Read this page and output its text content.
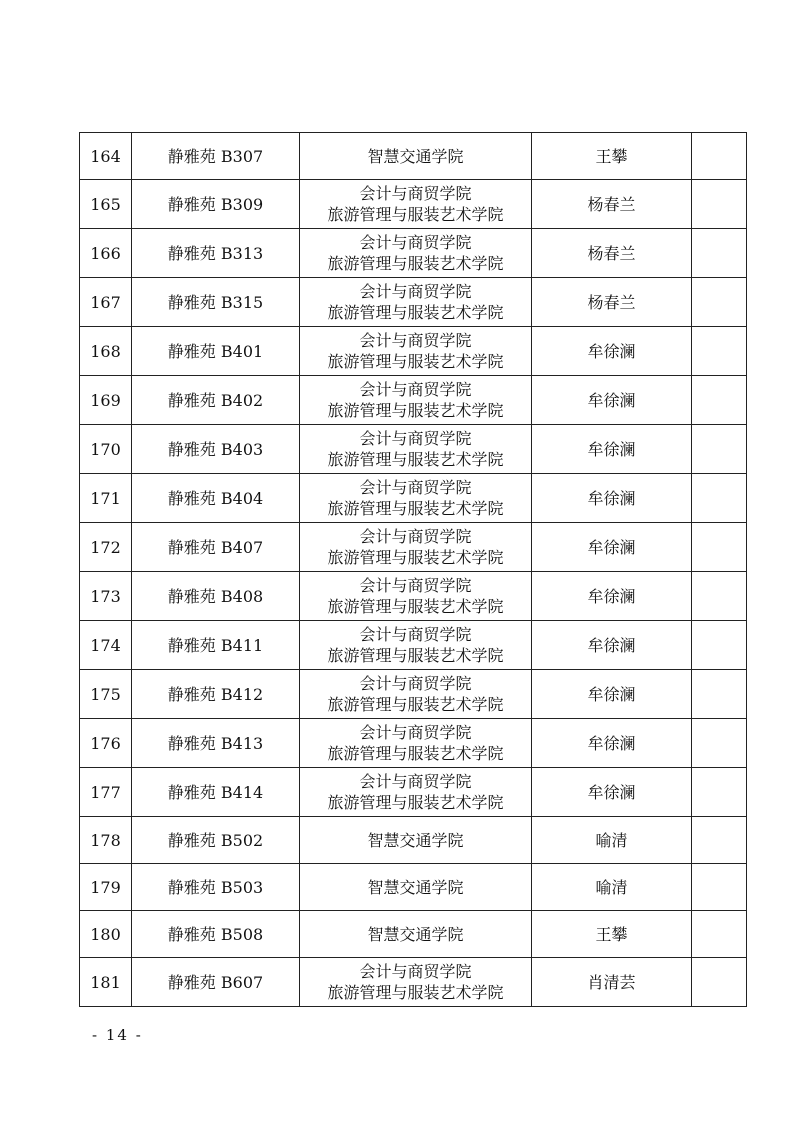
164	静雅苑 B307	智慧交通学院	王攀	
165	静雅苑 B309	会计与商贸学院
旅游管理与服装艺术学院	杨春兰	
166	静雅苑 B313	会计与商贸学院
旅游管理与服装艺术学院	杨春兰	
167	静雅苑 B315	会计与商贸学院
旅游管理与服装艺术学院	杨春兰	
168	静雅苑 B401	会计与商贸学院
旅游管理与服装艺术学院	牟徐澜	
169	静雅苑 B402	会计与商贸学院
旅游管理与服装艺术学院	牟徐澜	
170	静雅苑 B403	会计与商贸学院
旅游管理与服装艺术学院	牟徐澜	
171	静雅苑 B404	会计与商贸学院
旅游管理与服装艺术学院	牟徐澜	
172	静雅苑 B407	会计与商贸学院
旅游管理与服装艺术学院	牟徐澜	
173	静雅苑 B408	会计与商贸学院
旅游管理与服装艺术学院	牟徐澜	
174	静雅苑 B411	会计与商贸学院
旅游管理与服装艺术学院	牟徐澜	
175	静雅苑 B412	会计与商贸学院
旅游管理与服装艺术学院	牟徐澜	
176	静雅苑 B413	会计与商贸学院
旅游管理与服装艺术学院	牟徐澜	
177	静雅苑 B414	会计与商贸学院
旅游管理与服装艺术学院	牟徐澜	
178	静雅苑 B502	智慧交通学院	喻清	
179	静雅苑 B503	智慧交通学院	喻清	
180	静雅苑 B508	智慧交通学院	王攀	
181	静雅苑 B607	会计与商贸学院
旅游管理与服装艺术学院	肖清芸	
- 14 -
